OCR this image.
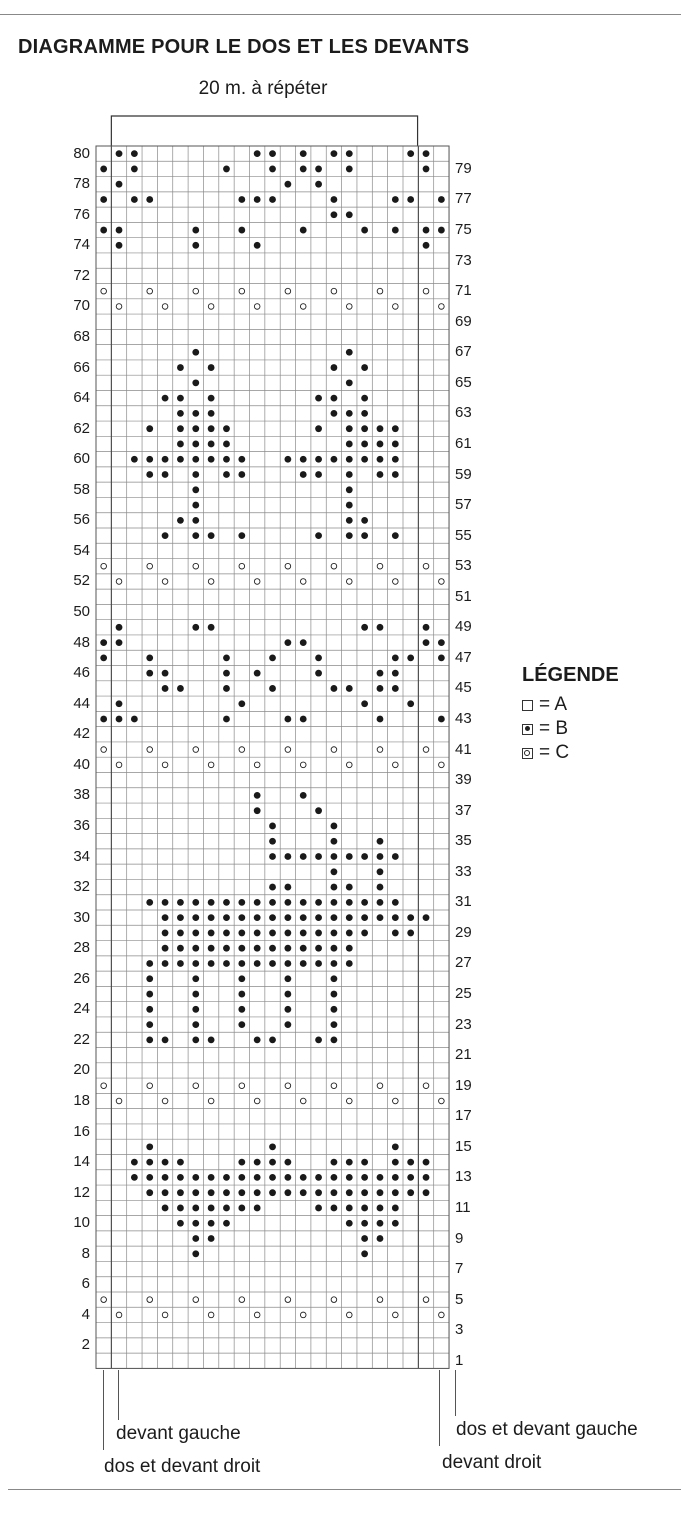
DIAGRAMME POUR LE DOS ET LES DEVANTS
20 m. à répéter
80
78
76
74
72
70
68
66
64
62
60
58
56
54
52
50
48
46
44
42
40
38
36
34
32
30
28
26
24
22
20
18
16
14
12
10
8
6
4
2
79
77
75
73
71
69
67
65
63
61
59
57
55
53
51
49
47
45
43
41
39
37
35
33
31
29
27
25
23
21
19
17
15
13
11
9
7
5
3
1
LÉGENDE
= A
= B
= C
devant gauche
dos et devant droit
dos et devant gauche
devant droit
